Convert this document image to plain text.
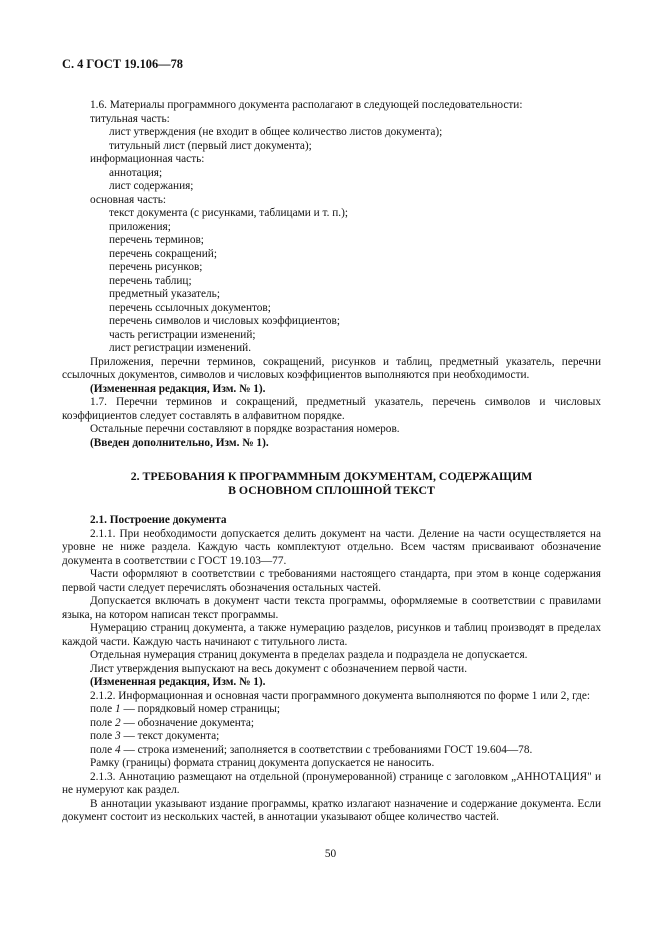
С. 4 ГОСТ 19.106—78

1.6. Материалы программного документа располагают в следующей последовательности:

титульная часть:
лист утверждения (не входит в общее количество листов документа);
титульный лист (первый лист документа);
информационная часть:
аннотация;
лист содержания;
основная часть:
текст документа (с рисунками, таблицами и т. п.);
приложения;
перечень терминов;
перечень сокращений;
перечень рисунков;
перечень таблиц;
предметный указатель;
перечень ссылочных документов;
перечень символов и числовых коэффициентов;
часть регистрации изменений;
лист регистрации изменений.

Приложения, перечни терминов, сокращений, рисунков и таблиц, предметный указатель, перечни ссылочных документов, символов и числовых коэффициентов выполняются при необходимости.

(Измененная редакция, Изм. № 1).

1.7. Перечни терминов и сокращений, предметный указатель, перечень символов и числовых коэффициентов следует составлять в алфавитном порядке.

Остальные перечни составляют в порядке возрастания номеров.

(Введен дополнительно, Изм. № 1).
2. ТРЕБОВАНИЯ К ПРОГРАММНЫМ ДОКУМЕНТАМ, СОДЕРЖАЩИМ
В ОСНОВНОМ СПЛОШНОЙ ТЕКСТ
2.1. Построение документа

2.1.1. При необходимости допускается делить документ на части. Деление на части осуществляется на уровне не ниже раздела. Каждую часть комплектуют отдельно. Всем частям присваивают обозначение документа в соответствии с ГОСТ 19.103—77.

Части оформляют в соответствии с требованиями настоящего стандарта, при этом в конце содержания первой части следует перечислять обозначения остальных частей.

Допускается включать в документ части текста программы, оформляемые в соответствии с правилами языка, на котором написан текст программы.

Нумерацию страниц документа, а также нумерацию разделов, рисунков и таблиц производят в пределах каждой части. Каждую часть начинают с титульного листа.

Отдельная нумерация страниц документа в пределах раздела и подраздела не допускается.

Лист утверждения выпускают на весь документ с обозначением первой части.

(Измененная редакция, Изм. № 1).

2.1.2. Информационная и основная части программного документа выполняются по форме 1 или 2, где:

поле 1 — порядковый номер страницы;
поле 2 — обозначение документа;
поле 3 — текст документа;
поле 4 — строка изменений; заполняется в соответствии с требованиями ГОСТ 19.604—78.

Рамку (границы) формата страниц документа допускается не наносить.

2.1.3. Аннотацию размещают на отдельной (пронумерованной) странице с заголовком „АННОТАЦИЯ" и не нумеруют как раздел.

В аннотации указывают издание программы, кратко излагают назначение и содержание документа. Если документ состоит из нескольких частей, в аннотации указывают общее количество частей.

50
